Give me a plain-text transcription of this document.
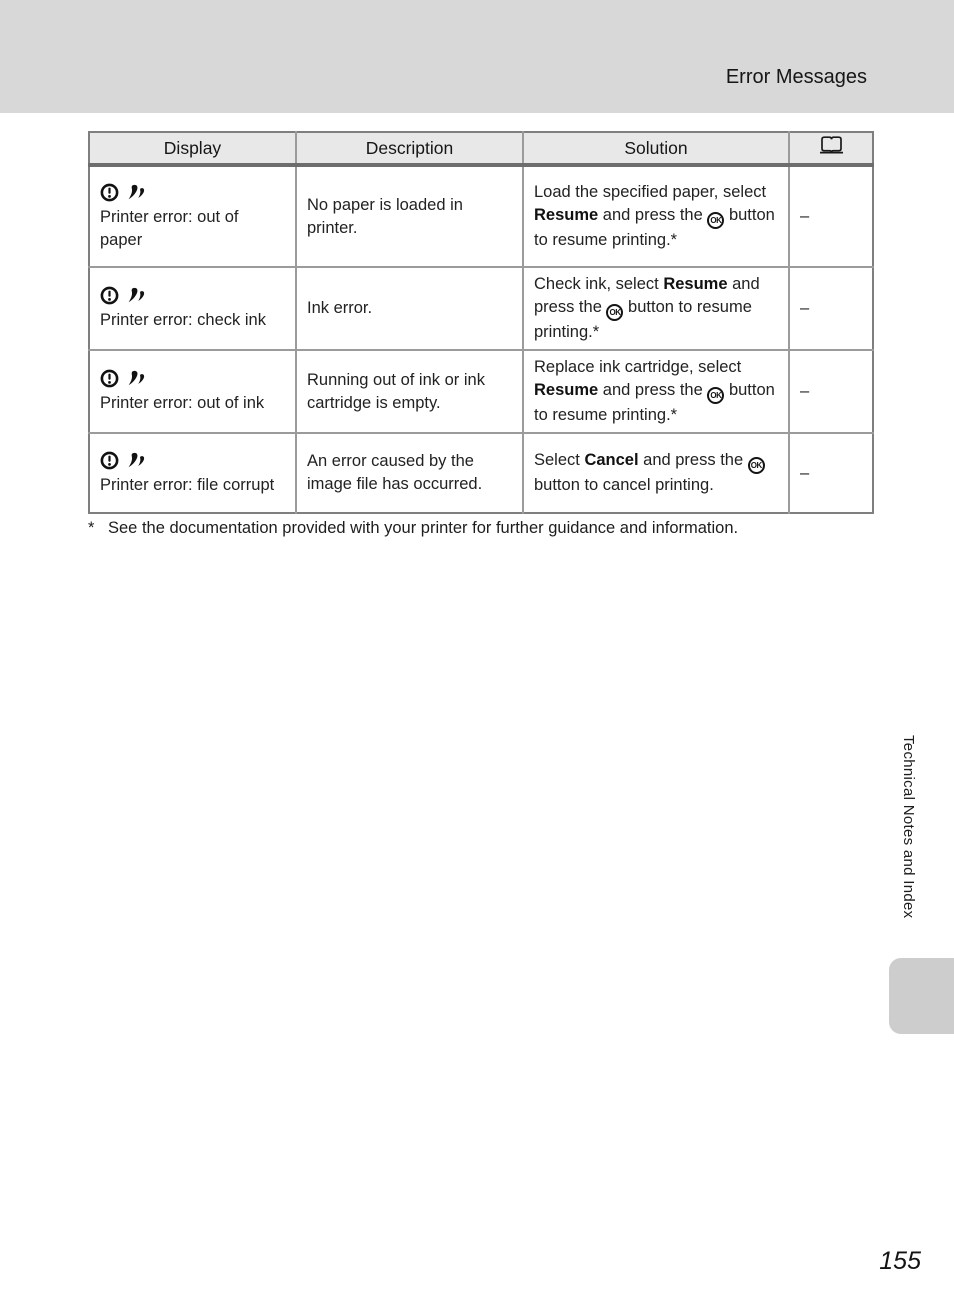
Error Messages
Display	Description	Solution	

Printer error: out of paper	No paper is loaded in printer.	Load the specified paper, select Resume and press the OK button to resume printing.*	–

Printer error: check ink	Ink error.	Check ink, select Resume and press the OK button to resume printing.*	–

Printer error: out of ink	Running out of ink or ink cartridge is empty.	Replace ink cartridge, select Resume and press the OK button to resume printing.*	–

Printer error: file corrupt	An error caused by the image file has occurred.	Select Cancel and press the OK button to cancel printing.	–
* See the documentation provided with your printer for further guidance and information.
Technical Notes and Index
155
